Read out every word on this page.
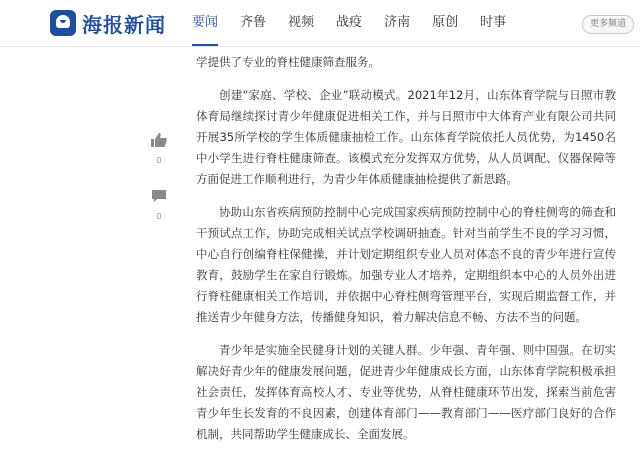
海报新闻 要闻 齐鲁 视频 战疫 济南 原创 时事	更多频道
0
0

学提供了专业的脊柱健康筛查服务。

创建“家庭、学校、企业”联动模式。2021年12月，山东体育学院与日照市教体育局继续探讨青少年健康促进相关工作，并与日照市中大体育产业有限公司共同开展35所学校的学生体质健康抽检工作。山东体育学院依托人员优势，为1450名中小学生进行脊柱健康筛查。该模式充分发挥双方优势，从人员调配、仪器保障等方面促进工作顺利进行，为青少年体质健康抽检提供了新思路。

协助山东省疾病预防控制中心完成国家疾病预防控制中心的脊柱侧弯的筛查和干预试点工作，协助完成相关试点学校调研抽查。针对当前学生不良的学习习惯，中心自行创编脊柱保健操，并计划定期组织专业人员对体态不良的青少年进行宣传教育，鼓励学生在家自行锻炼。加强专业人才培养，定期组织本中心的人员外出进行脊柱健康相关工作培训，并依据中心脊柱侧弯管理平台，实现后期监督工作，并推送青少年健身方法，传播健身知识，着力解决信息不畅、方法不当的问题。

青少年是实施全民健身计划的关键人群。少年强、青年强、则中国强。在切实解决好青少年的健康发展问题，促进青少年健康成长方面，山东体育学院积极承担社会责任，发挥体育高校人才、专业等优势，从脊柱健康环节出发，探索当前危害青少年生长发育的不良因素，创建体育部门——教育部门——医疗部门良好的合作机制，共同帮助学生健康成长、全面发展。
